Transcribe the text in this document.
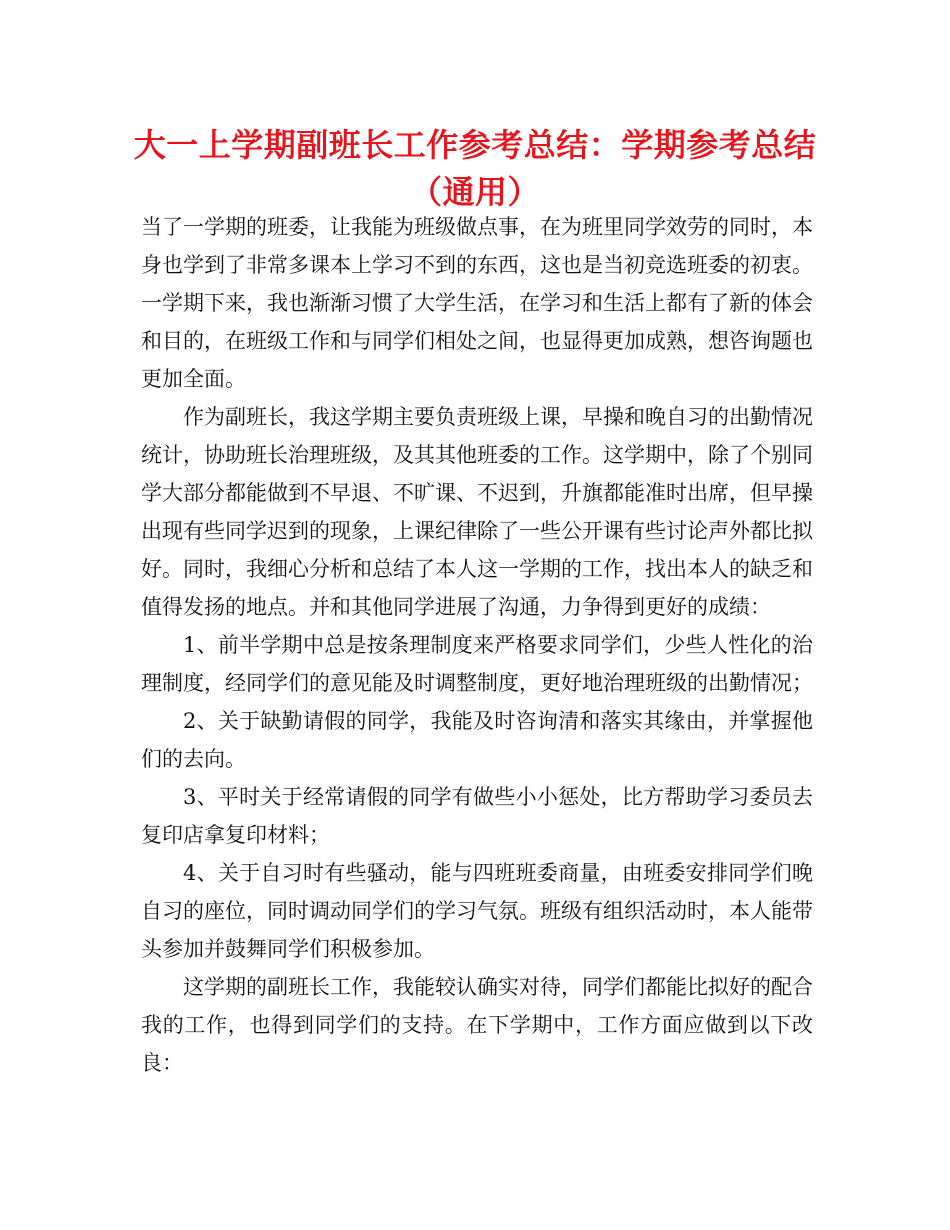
大一上学期副班长工作参考总结：学期参考总结（通用）

当了一学期的班委，让我能为班级做点事，在为班里同学效劳的同时，本身也学到了非常多课本上学习不到的东西，这也是当初竞选班委的初衷。一学期下来，我也渐渐习惯了大学生活，在学习和生活上都有了新的体会和目的，在班级工作和与同学们相处之间，也显得更加成熟，想咨询题也更加全面。

作为副班长，我这学期主要负责班级上课，早操和晚自习的出勤情况统计，协助班长治理班级，及其其他班委的工作。这学期中，除了个别同学大部分都能做到不早退、不旷课、不迟到，升旗都能准时出席，但早操出现有些同学迟到的现象，上课纪律除了一些公开课有些讨论声外都比拟好。同时，我细心分析和总结了本人这一学期的工作，找出本人的缺乏和值得发扬的地点。并和其他同学进展了沟通，力争得到更好的成绩：

1、前半学期中总是按条理制度来严格要求同学们，少些人性化的治理制度，经同学们的意见能及时调整制度，更好地治理班级的出勤情况；

2、关于缺勤请假的同学，我能及时咨询清和落实其缘由，并掌握他们的去向。

3、平时关于经常请假的同学有做些小小惩处，比方帮助学习委员去复印店拿复印材料；

4、关于自习时有些骚动，能与四班班委商量，由班委安排同学们晚自习的座位，同时调动同学们的学习气氛。班级有组织活动时，本人能带头参加并鼓舞同学们积极参加。

这学期的副班长工作，我能较认确实对待，同学们都能比拟好的配合我的工作，也得到同学们的支持。在下学期中，工作方面应做到以下改良：
